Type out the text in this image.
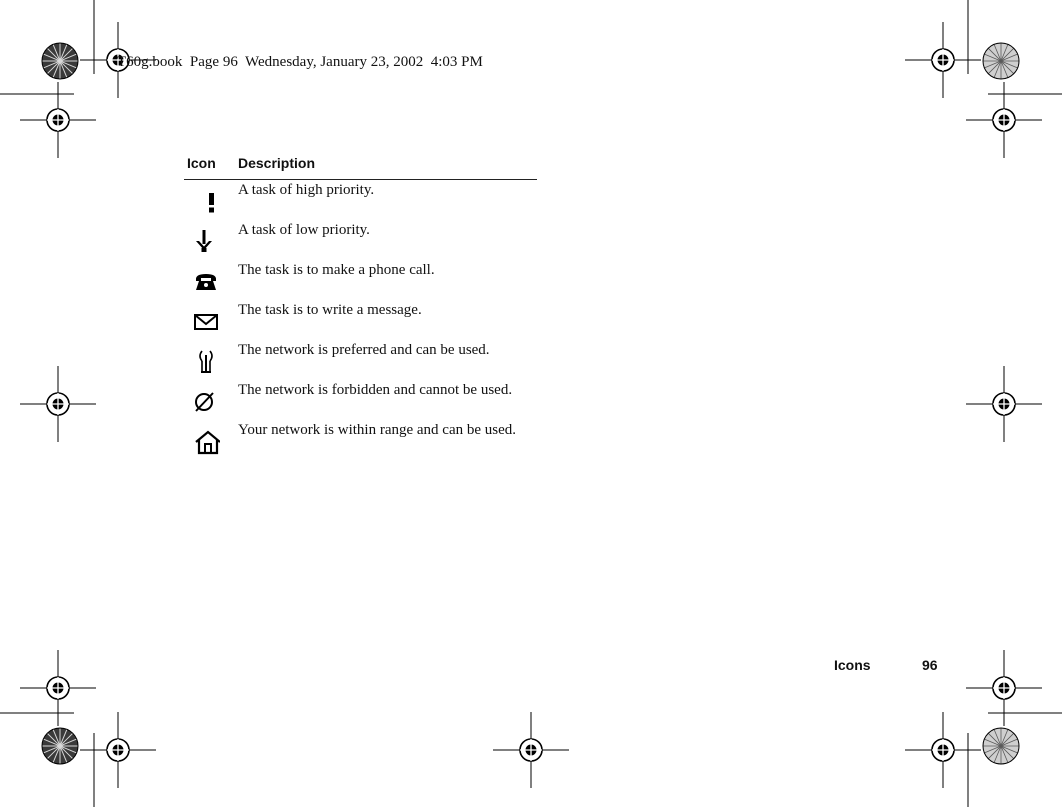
T60g.book  Page 96  Wednesday, January 23, 2002  4:03 PM
Icon Description
A task of high priority.
A task of low priority.
The task is to make a phone call.
The task is to write a message.
The network is preferred and can be used.
The network is forbidden and cannot be used.
Your network is within range and can be used.
Icons	96
